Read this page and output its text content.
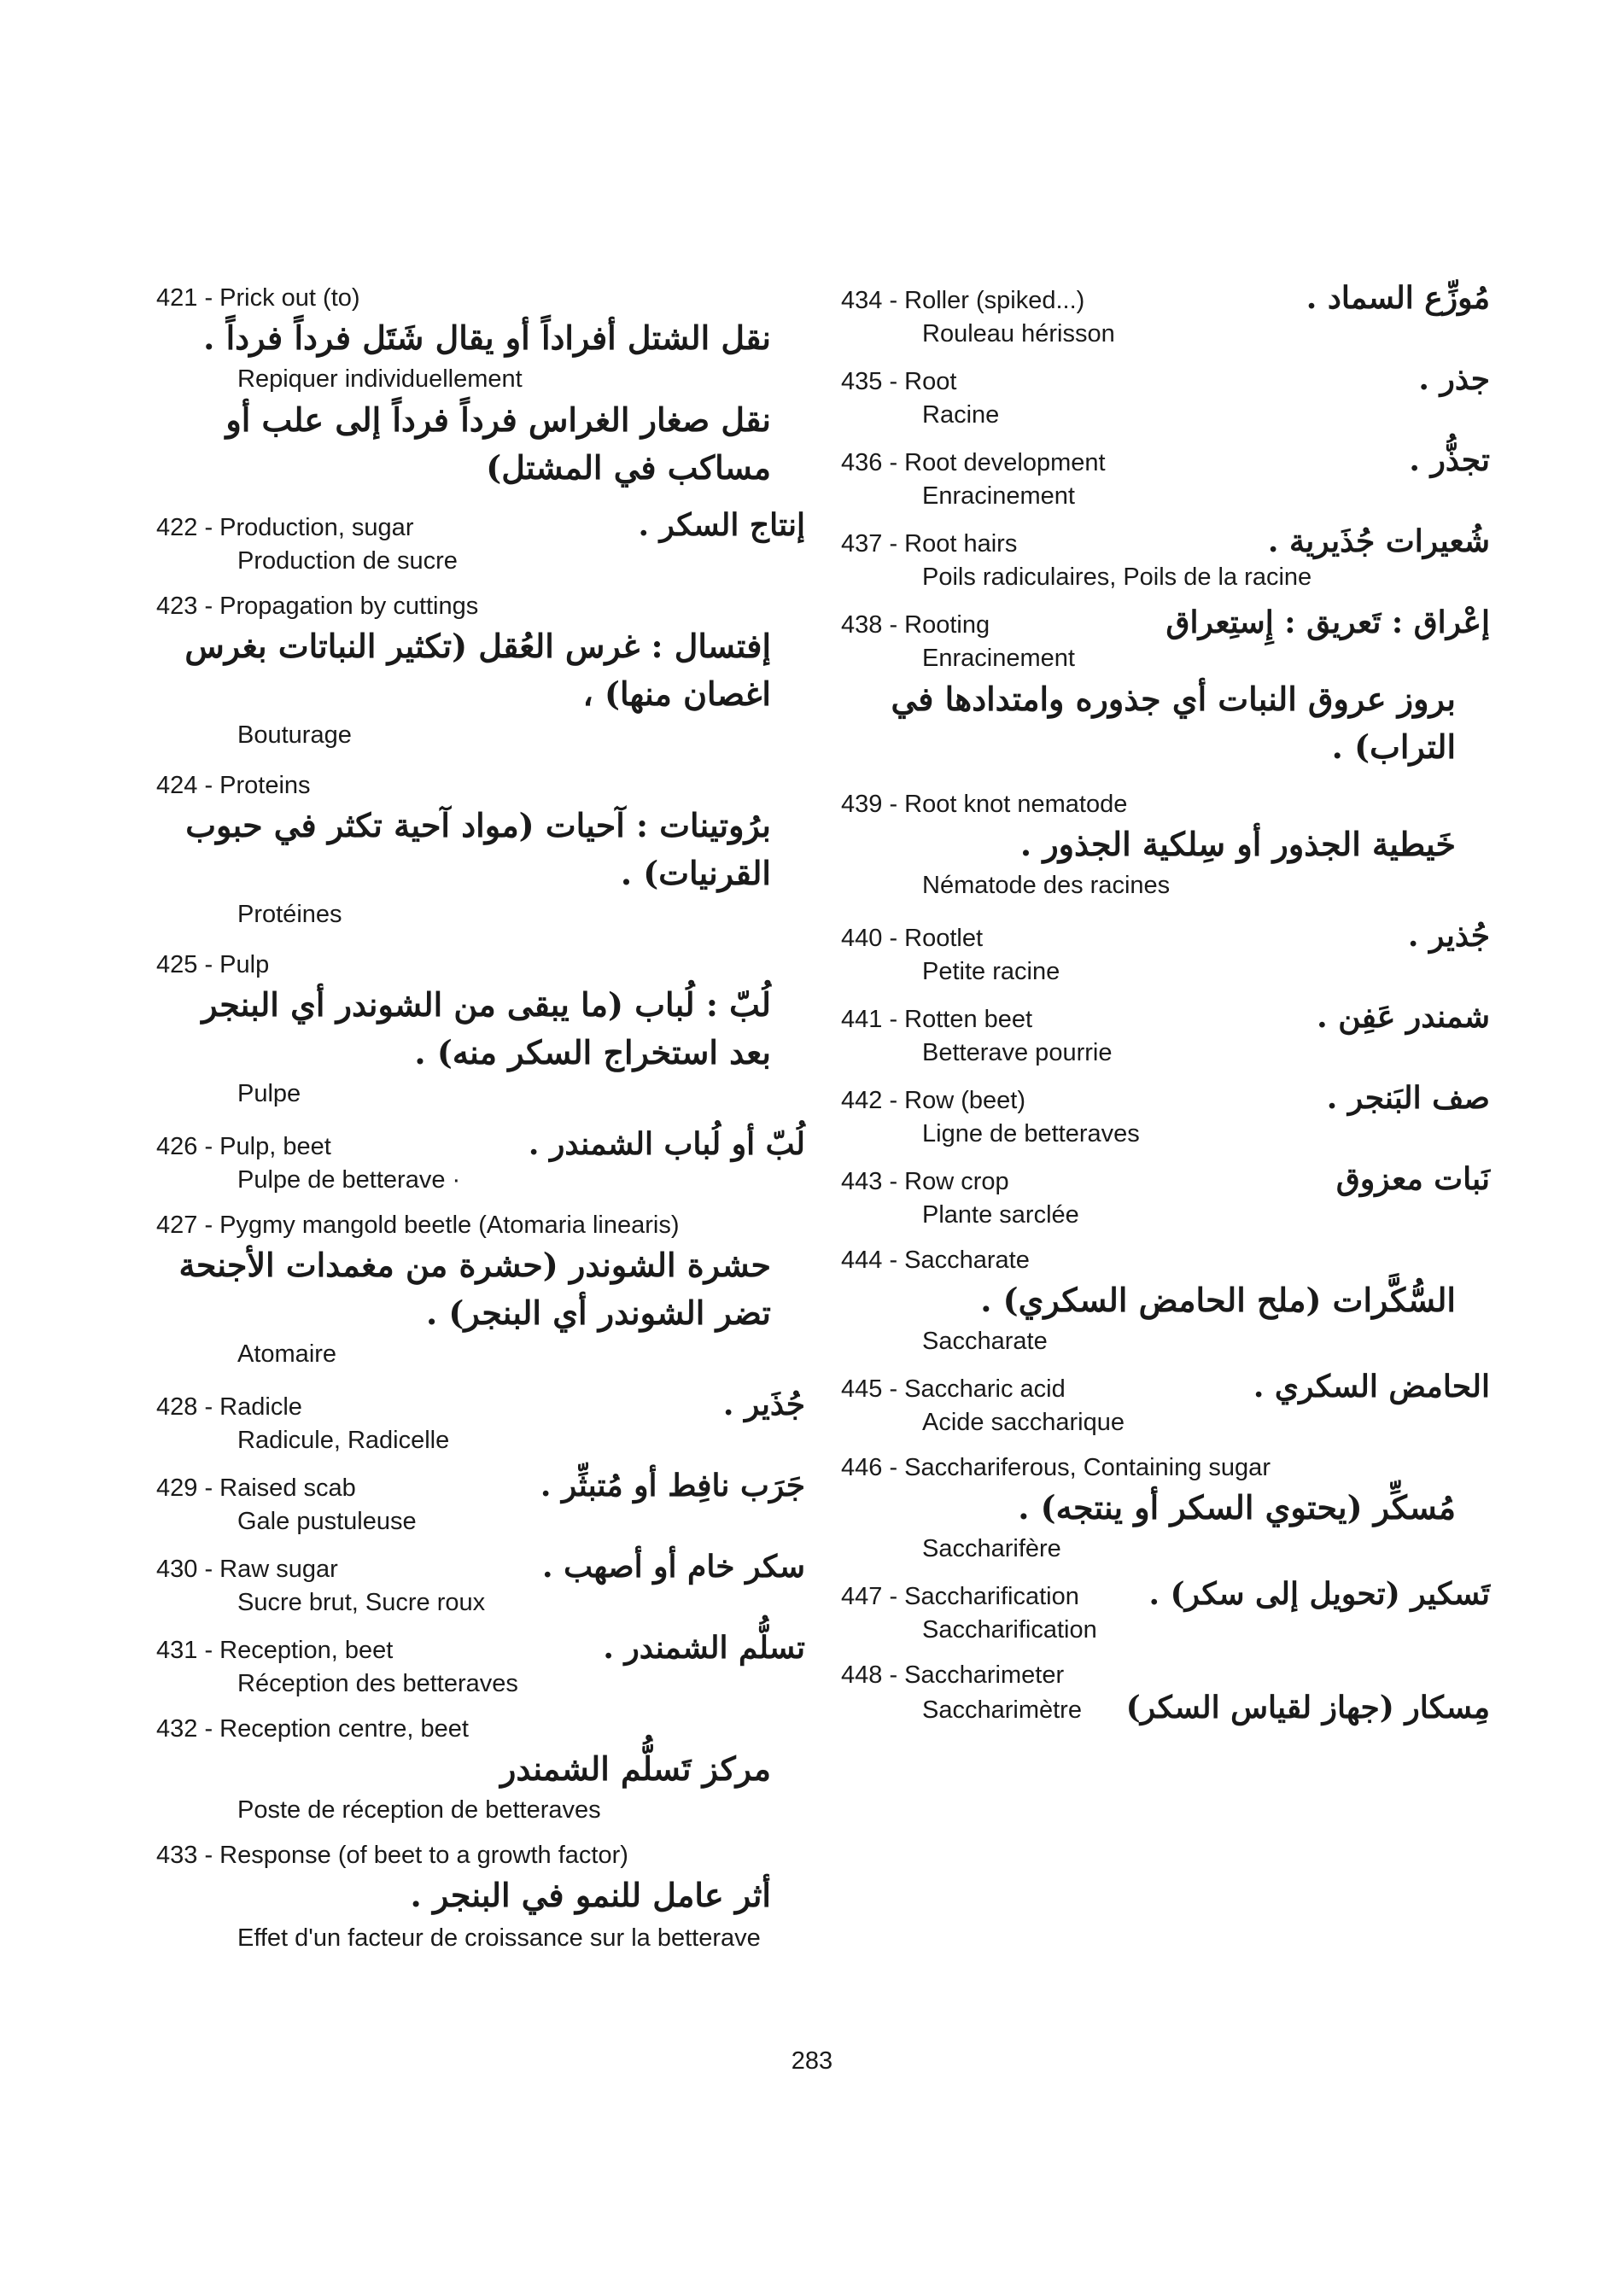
421 - Prick out (to)
نقل الشتل أفراداً أو يقال شَتَل فرداً فرداً .
Repiquer individuellement
نقل صغار الغراس فرداً فرداً إلى علب أو مساكب في المشتل)
422 - Production, sugar	إنتاج السكر .
Production de sucre
423 - Propagation by cuttings
إفتسال : غرس العُقل (تكثير النباتات بغرس اغصان منها) ،
Bouturage
424 - Proteins
برُوتينات : آحيات (مواد آحية تكثر في حبوب القرنيات) .
Protéines
425 - Pulp
لُبّ : لُباب (ما يبقى من الشوندر أي البنجر بعد استخراج السكر منه) .
Pulpe
426 - Pulp, beet	لُبّ أو لُباب الشمندر .
Pulpe de betterave ·
427 - Pygmy mangold beetle (Atomaria linearis)
حشرة الشوندر (حشرة من مغمدات الأجنحة تضر الشوندر أي البنجر) .
Atomaire
428 - Radicle	جُذَير .
Radicule, Radicelle
429 - Raised scab	جَرَب نافِط أو مُتبثِّر .
Gale pustuleuse
430 - Raw sugar	سكر خام أو أصهب .
Sucre brut, Sucre roux
431 - Reception, beet	تسلُّم الشمندر .
Réception des betteraves
432 - Reception centre, beet
مركز تَسلُّم الشمندر
Poste de réception de betteraves
433 - Response (of beet to a growth factor)
أثر عامل للنمو في البنجر .
Effet d'un facteur de croissance sur la betterave
434 - Roller (spiked...)	مُوزِّع السماد .
Rouleau hérisson
435 - Root	جذر .
Racine
436 - Root development	تجذُّر .
Enracinement
437 - Root hairs	شُعيرات جُذَيرية .
Poils radiculaires, Poils de la racine
438 - Rooting	إعْراق : تَعريق : إِستِعراق
Enracinement
بروز عروق النبات أي جذوره وامتدادها في التراب) .
439 - Root knot nematode
خَيطية الجذور أو سِلكية الجذور .
Nématode des racines
440 - Rootlet	جُذير .
Petite racine
441 - Rotten beet	شمندر عَفِن .
Betterave pourrie
442 - Row (beet)	صف البَنجر .
Ligne de betteraves
443 - Row crop	نَبات معزوق
Plante sarclée
444 - Saccharate
السُّكَّرات (ملح الحامض السكري) .
Saccharate
445 - Saccharic acid	الحامض السكري .
Acide saccharique
446 - Sacchariferous, Containing sugar
مُسكِّر (يحتوي السكر أو ينتجه) .
Saccharifère
447 - Saccharification تَسكير (تحويل إلى سكر) .
Saccharification
448 - Saccharimeter
Saccharimètre مِسكار (جهاز لقياس السكر)
283
